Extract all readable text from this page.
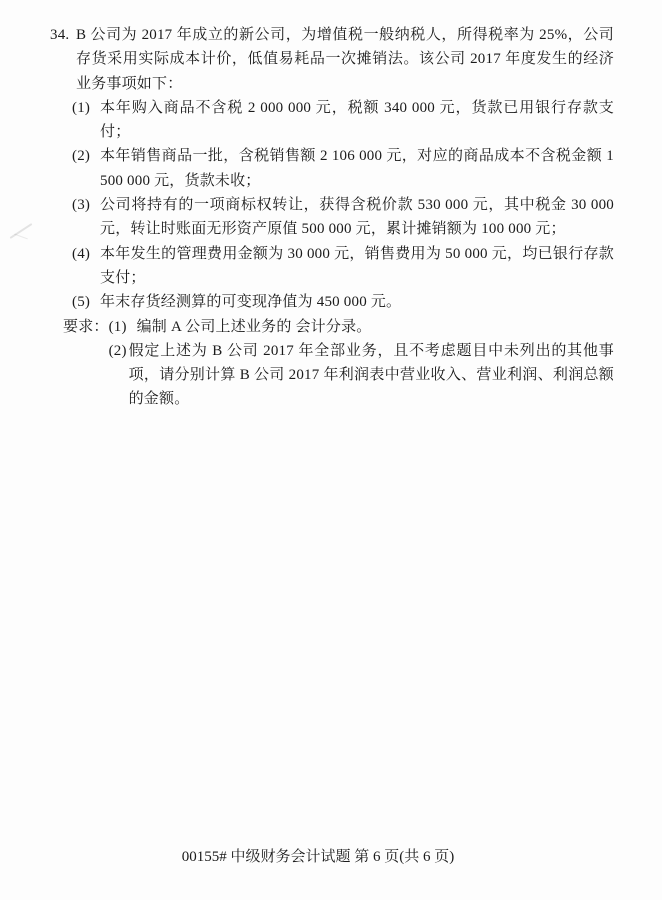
34. B 公司为 2017 年成立的新公司，为增值税一般纳税人，所得税率为 25%，公司存货采用实际成本计价，低值易耗品一次摊销法。该公司 2017 年度发生的经济业务事项如下：
(1) 本年购入商品不含税 2 000 000 元，税额 340 000 元，货款已用银行存款支付；
(2) 本年销售商品一批，含税销售额 2 106 000 元，对应的商品成本不含税金额 1 500 000 元，货款未收；
(3) 公司将持有的一项商标权转让，获得含税价款 530 000 元，其中税金 30 000 元，转让时账面无形资产原值 500 000 元，累计摊销额为 100 000 元；
(4) 本年发生的管理费用金额为 30 000 元，销售费用为 50 000 元，均已银行存款支付；
(5) 年末存货经测算的可变现净值为 450 000 元。
要求： (1) 编制 A 公司上述业务的 会计分录。
(2) 假定上述为 B 公司 2017 年全部业务，且不考虑题目中未列出的其他事项，请分别计算 B 公司 2017 年利润表中营业收入、营业利润、利润总额的金额。
00155# 中级财务会计试题 第 6 页(共 6 页)
